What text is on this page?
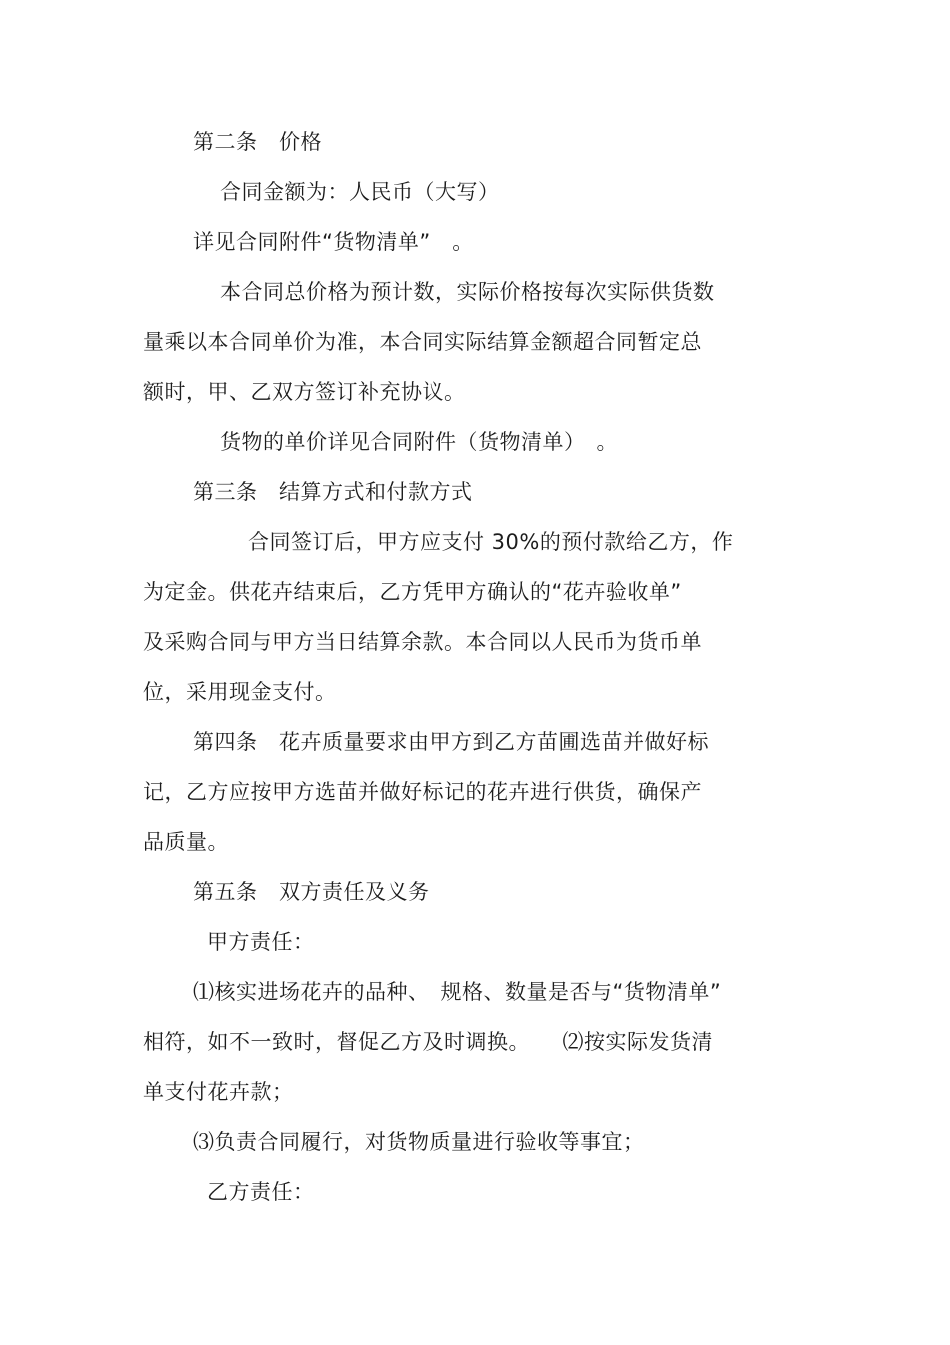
第二条　价格
合同金额为：人民币（大写）
详见合同附件“货物清单”　。
本合同总价格为预计数，实际价格按每次实际供货数
量乘以本合同单价为准，本合同实际结算金额超合同暂定总
额时，甲、乙双方签订补充协议。
货物的单价详见合同附件（货物清单）　。
第三条　结算方式和付款方式
合同签订后，甲方应支付 30%的预付款给乙方，作
为定金。供花卉结束后，乙方凭甲方确认的“花卉验收单”
及采购合同与甲方当日结算余款。本合同以人民币为货币单
位，采用现金支付。
第四条　花卉质量要求由甲方到乙方苗圃选苗并做好标
记，乙方应按甲方选苗并做好标记的花卉进行供货，确保产
品质量。
第五条　双方责任及义务
甲方责任：
⑴核实进场花卉的品种、　规格、数量是否与“货物清单”
相符，如不一致时，督促乙方及时调换。　　⑵按实际发货清
单支付花卉款；
⑶负责合同履行，对货物质量进行验收等事宜；
乙方责任：
